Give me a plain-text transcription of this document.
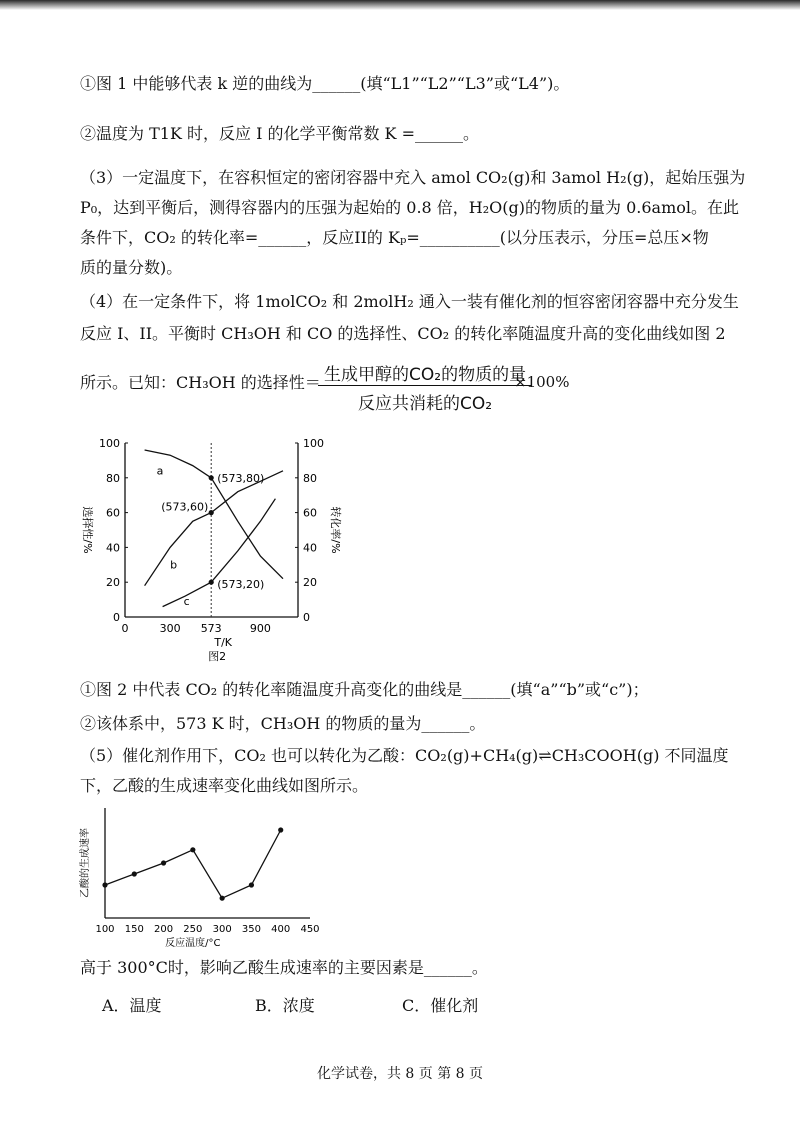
①图 1 中能够代表 k 逆的曲线为______(填“L1”“L2”“L3”或“L4”)。
②温度为 T1K 时，反应 I 的化学平衡常数 K =______。
（3）一定温度下，在容积恒定的密闭容器中充入 amol CO₂(g)和 3amol H₂(g)，起始压强为
P₀，达到平衡后，测得容器内的压强为起始的 0.8 倍，H₂O(g)的物质的量为 0.6amol。在此
条件下，CO₂ 的转化率=______，反应II的 Kₚ=__________(以分压表示，分压=总压×物
质的量分数)。
（4）在一定条件下，将 1molCO₂ 和 2molH₂ 通入一装有催化剂的恒容密闭容器中充分发生
反应 I、II。平衡时 CH₃OH 和 CO 的选择性、CO₂ 的转化率随温度升高的变化曲线如图 2
所示。已知：CH₃OH 的选择性＝ 生成甲醇的CO₂的物质的量
反应共消耗的CO₂
×100%
0	0
20	20
40	40
60	60
80	80
100	100
0	300 573	900
a
b
c
(573,80)
(573,60)
(573,20)
选择性/%	转化率/%
T/K
图2
①图 2 中代表 CO₂ 的转化率随温度升高变化的曲线是______(填“a”“b”或“c”)；
②该体系中，573 K 时，CH₃OH 的物质的量为______。
（5）催化剂作用下，CO₂ 也可以转化为乙酸：CO₂(g)+CH₄(g)⇌CH₃COOH(g) 不同温度
下，乙酸的生成速率变化曲线如图所示。
100 150 200 250 300 350 400 450
乙酸的生成速率
反应温度/°C
高于 300°C时，影响乙酸生成速率的主要因素是______。
A．温度	B．浓度	C．催化剂
化学试卷，共 8 页 第 8 页
